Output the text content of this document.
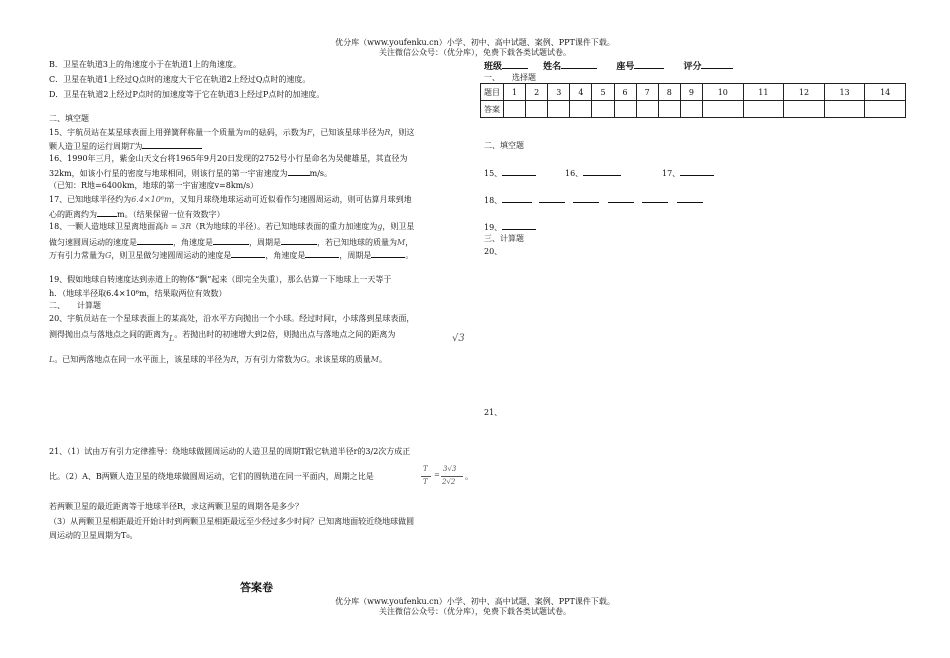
优分库（www.youfenku.cn）小学、初中、高中试题、案例、PPT课件下载。
关注微信公众号：（优分库），免费下载各类试题试卷。
B．卫星在轨道3上的角速度小于在轨道1上的角速度。
C．卫星在轨道1上经过Q点时的速度大于它在轨道2上经过Q点时的速度。
D．卫星在轨道2上经过P点时的加速度等于它在轨道3上经过P点时的加速度。
二、填空题
15、宇航员站在某星球表面上用弹簧秤称量一个质量为m的砝码，示数为F，已知该星球半径为R，则这
颗人造卫星的运行周期T为
16、1990年三月，紫金山天文台将1965年9月20日发现的2752号小行星命名为吴健雄星，其直径为
32km，如该小行星的密度与地球相同，则该行星的第一宇宙速度为	m/s。
（已知：R地=6400km，地球的第一宇宙速度v=8km/s）
17、已知地球半径约为6.4×10⁶m，又知月球绕地球运动可近似看作匀速圆周运动，则可估算月球到地
心的距离约为	m。（结果保留一位有效数字）
18、一颗人造地球卫星离地面高h = 3R（R为地球的半径）。若已知地球表面的重力加速度为g，则卫星
做匀速圆周运动的速度是	，角速度是	，周期是	，若已知地球的质量为M，
万有引力常量为G，则卫星做匀速圆周运动的速度是	，角速度是	，周期是	。
19、假如地球自转速度达到赤道上的物体“飘”起来（即完全失重），那么估算一下地球上一天等于
h．（地球半径取6.4×10⁶m，结果取两位有效数）
二、　　计算题
20、宇航员站在一个星球表面上的某高处，沿水平方向抛出一个小球。经过时间t，小球落到星球表面，
测得抛出点与落地点之间的距离为L。若抛出时的初速增大到2倍，则抛出点与落地点之间的距离为	√3
L。已知两落地点在同一水平面上，该星球的半径为R，万有引力常数为G。求该星球的质量M。
21、（1）试由万有引力定律推导：绕地球做圆周运动的人造卫星的周期T跟它轨道半径r的3/2次方成正
比。（2）A、B两颗人造卫星的绕地球做圆周运动，它们的圆轨道在同一平面内，周期之比是
T
T
=
3√3
2√2
。
若两颗卫星的最近距离等于地球半径R，求这两颗卫星的周期各是多少？
（3）从两颗卫星相距最近开始计时到两颗卫星相距最远至少经过多少时间？已知离地面较近绕地球做圆
周运动的卫星周期为T₀。
答案卷
班级	姓名	座号	评分
一、　　选择题
题目	1	2	3	4	5	6	7	8	9	10	11	12	13	14
答案														
二、填空题
15、	16、	17、
18、
19、
三、计算题
20、
21、
优分库（www.youfenku.cn）小学、初中、高中试题、案例、PPT课件下载。
关注微信公众号：（优分库），免费下载各类试题试卷。
